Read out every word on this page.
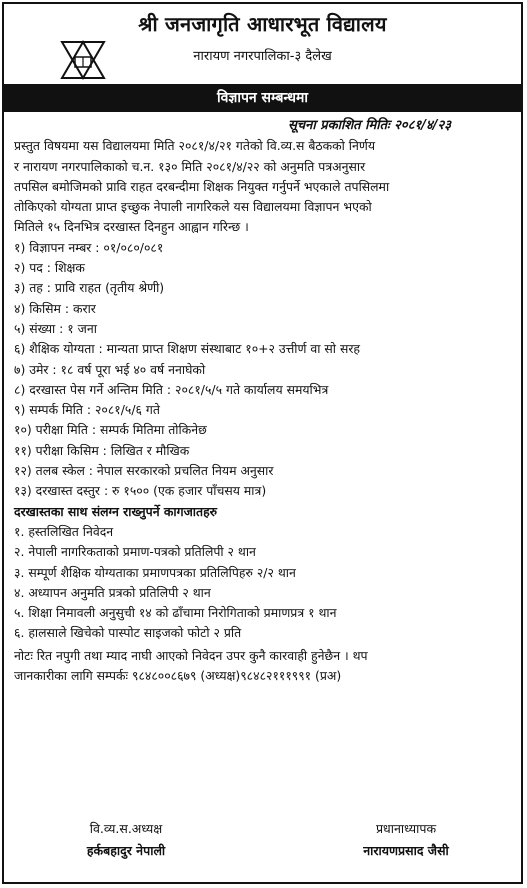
श्री जनजागृति आधारभूत विद्यालय
नारायण नगरपालिका-३ दैलेख
विज्ञापन सम्बन्धमा
सूचना प्रकाशित मितिः २०८१/४/२३
प्रस्तुत विषयमा यस विद्यालयमा मिति २०८१/४/२१ गतेको वि.व्य.स बैठकको निर्णय
र नारायण नगरपालिकाको च.न. १३० मिति २०८१/४/२२ को अनुमति पत्रअनुसार
तपसिल बमोजिमको प्रावि राहत दरबन्दीमा शिक्षक नियुक्त गर्नुपर्ने भएकाले तपसिलमा
तोकिएको योग्यता प्राप्त इच्छुक नेपाली नागरिकले यस विद्यालयमा विज्ञापन भएको
मितिले १५ दिनभित्र दरखास्त दिनहुन आह्वान गरिन्छ ।
१) विज्ञापन नम्बर : ०१/०८०/०८१
२) पद : शिक्षक
३) तह : प्रावि राहत (तृतीय श्रेणी)
४) किसिम : करार
५) संख्या : १ जना
६) शैक्षिक योग्यता : मान्यता प्राप्त शिक्षण संस्थाबाट १०+२ उत्तीर्ण वा सो सरह
७) उमेर : १८ वर्ष पूरा भई ४० वर्ष ननाघेको
८) दरखास्त पेस गर्ने अन्तिम मिति : २०८१/५/५ गते कार्यालय समयभित्र
९) सम्पर्क मिति : २०८१/५/६ गते
१०) परीक्षा मिति : सम्पर्क मितिमा तोकिनेछ
११) परीक्षा किसिम : लिखित र मौखिक
१२) तलब स्केल : नेपाल सरकारको प्रचलित नियम अनुसार
१३) दरखास्त दस्तुर : रु १५०० (एक हजार पाँचसय मात्र)
दरखास्तका साथ संलग्न राख्नुपर्ने कागजातहरु
१. हस्तलिखित निवेदन
२. नेपाली नागरिकताको प्रमाण-पत्रको प्रतिलिपी २ थान
३. सम्पूर्ण शैक्षिक योग्यताका प्रमाणपत्रका प्रतिलिपिहरु २/२ थान
४. अध्यापन अनुमति प्रत्रको प्रतिलिपी २ थान
५. शिक्षा निमावली अनुसुची १४ को ढाँचामा निरोगिताको प्रमाणप्रत्र १ थान
६. हालसाले खिचेको पास्पोट साइजको फोटो २ प्रति
नोटः रित नपुगी तथा म्याद नाघी आएको निवेदन उपर कुनै कारवाही हुनेछैन । थप
जानकारीका लागि सम्पर्कः ९८४८००८६७९ (अध्यक्ष)९८४८२१११९९१ (प्रअ)
वि.व्य.स.अध्यक्ष
हर्कबहादुर नेपाली
प्रधानाध्यापक
नारायणप्रसाद जैसी
